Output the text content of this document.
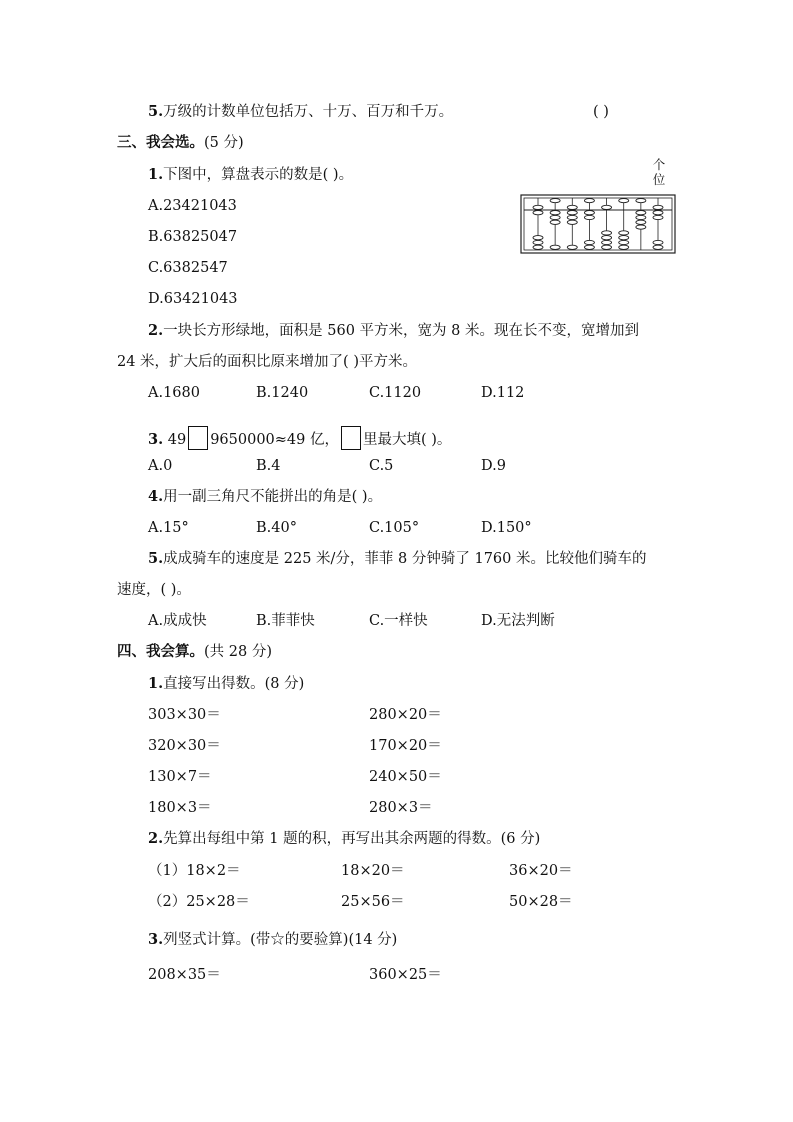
5.万级的计数单位包括万、十万、百万和千万。	( )
三、我会选。(5 分)
1.下图中，算盘表示的数是( )。
A.23421043
B.63825047
C.6382547
D.63421043
个位
2.一块长方形绿地，面积是 560 平方米，宽为 8 米。现在长不变，宽增加到
24 米，扩大后的面积比原来增加了( )平方米。
A.1680	B.1240	C.1120	D.112
3. 49 9650000≈49 亿， 里最大填( )。
A.0	B.4	C.5	D.9
4.用一副三角尺不能拼出的角是( )。
A.15°	B.40°	C.105°	D.150°
5.成成骑车的速度是 225 米/分，菲菲 8 分钟骑了 1760 米。比较他们骑车的
速度，( )。
A.成成快	B.菲菲快	C.一样快	D.无法判断
四、我会算。(共 28 分)
1.直接写出得数。(8 分)
303×30＝	280×20＝
320×30＝	170×20＝
130×7＝	240×50＝
180×3＝	280×3＝
2.先算出每组中第 1 题的积，再写出其余两题的得数。(6 分)
（1）18×2＝	18×20＝	36×20＝
（2）25×28＝	25×56＝	50×28＝
3.列竖式计算。(带☆的要验算)(14 分)
208×35＝	360×25＝
